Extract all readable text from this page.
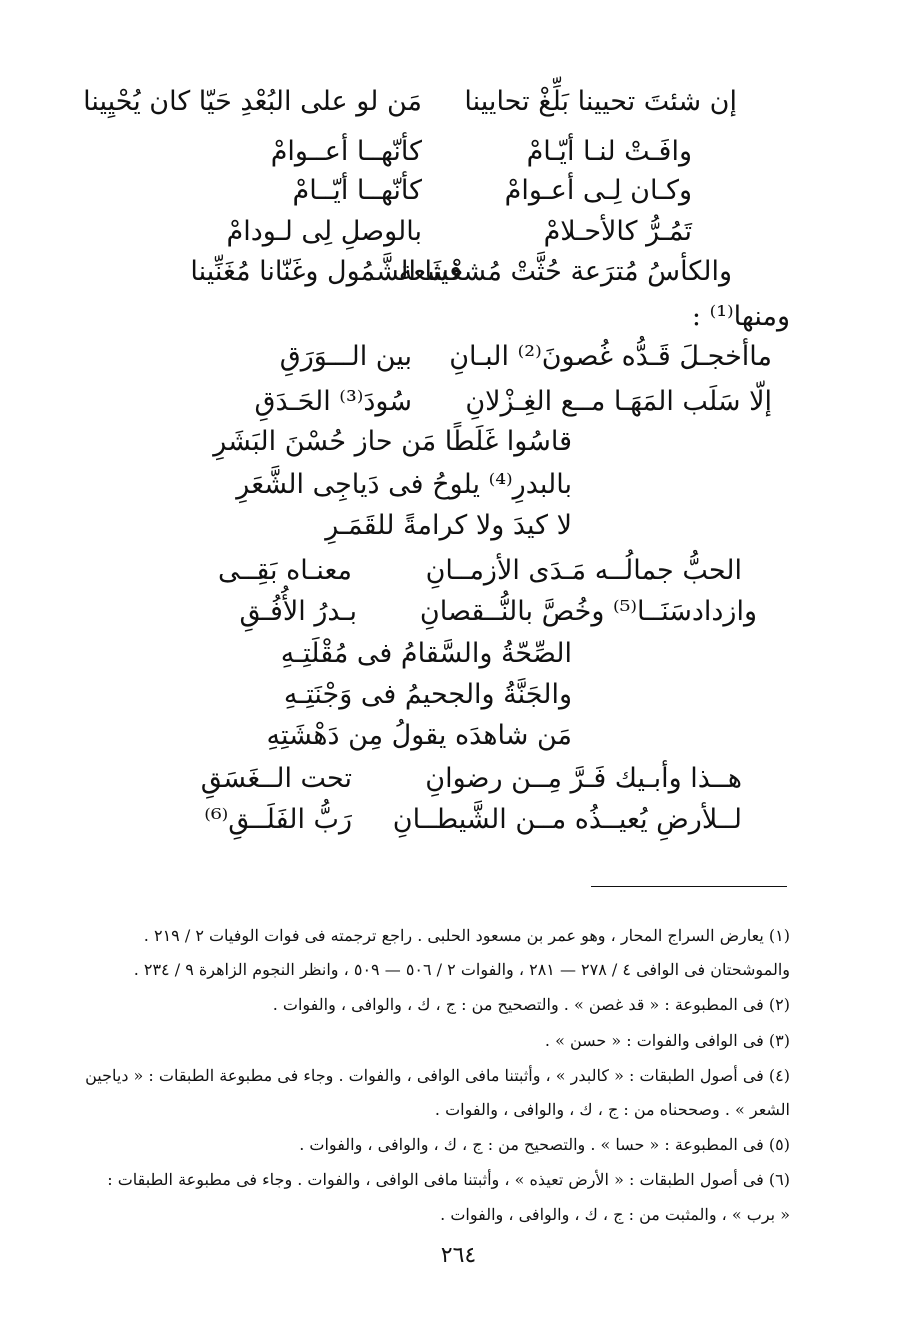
إن شئتَ تحيينا بَلِّغْ تحايينا
مَن لو على البُعْدِ حَيّا كان يُحْيِينا
وافَـتْ لنـا أيّـامْ
كأنّهــا أعــوامْ
وكـان لِـى أعـوامْ
كأنّهــا أيّــامْ
تَمُـرُّ كالأحـلامْ
بالوصلِ لِى لـودامْ
والكأسُ مُترَعة حُثَّتْ مُشعْشَعة
فينا الشَّمُول وغَنّانا مُغَنِّينا
ومنها⁽¹⁾ :
ماأخجـلَ قَـدُّه غُصونَ⁽²⁾ البـانِ
بين الـــوَرَقِ
إلّا سَلَب المَهَـا مــع الغِـزْلانِ
سُودَ⁽³⁾ الحَـدَقِ
قاسُوا غَلَطًا مَن حاز حُسْنَ البَشَرِ
بالبدرِ⁽⁴⁾ يلوحُ فى دَياجِى الشَّعَرِ
لا كيدَ ولا كرامةً للقَمَـرِ
الحبُّ جمالُــه مَـدَى الأزمــانِ
معنـاه بَقِــى
وازدادسَنَــا⁽⁵⁾ وخُصَّ بالنُّــقصانِ
بـدرُ الأُفُـقِ
الصِّحّةُ والسَّقامُ فى مُقْلَتِـهِ
والجَنَّةُ والجحيمُ فى وَجْنَتِـهِ
مَن شاهدَه يقولُ مِن دَهْشَتِهِ
هــذا وأبـيك فَـرَّ مِــن رضوانِ
تحت الــغَسَقِ
لــلأرضِ يُعيــذُه مــن الشَّيطــانِ
رَبُّ الفَلَــقِ⁽⁶⁾
(١) يعارض السراج المحار ، وهو عمر بن مسعود الحلبى . راجع ترجمته فى فوات الوفيات ٢ / ٢١٩ .
والموشحتان فى الوافى ٤ / ٢٧٨ — ٢٨١ ، والفوات ٢ / ٥٠٦ — ٥٠٩ ، وانظر النجوم الزاهرة ٩ / ٢٣٤ .
(٢) فى المطبوعة : « قد غصن » . والتصحيح من : ج ، ك ، والوافى ، والفوات .
(٣) فى الوافى والفوات : « حسن » .
(٤) فى أصول الطبقات : « كالبدر » ، وأثبتنا مافى الوافى ، والفوات . وجاء فى مطبوعة الطبقات : « دياجين
الشعر » . وصححناه من : ج ، ك ، والوافى ، والفوات .
(٥) فى المطبوعة : « حسا » . والتصحيح من : ج ، ك ، والوافى ، والفوات .
(٦) فى أصول الطبقات : « الأرض تعيذه » ، وأثبتنا مافى الوافى ، والفوات . وجاء فى مطبوعة الطبقات :
« برب » ، والمثبت من : ج ، ك ، والوافى ، والفوات .
٢٦٤
